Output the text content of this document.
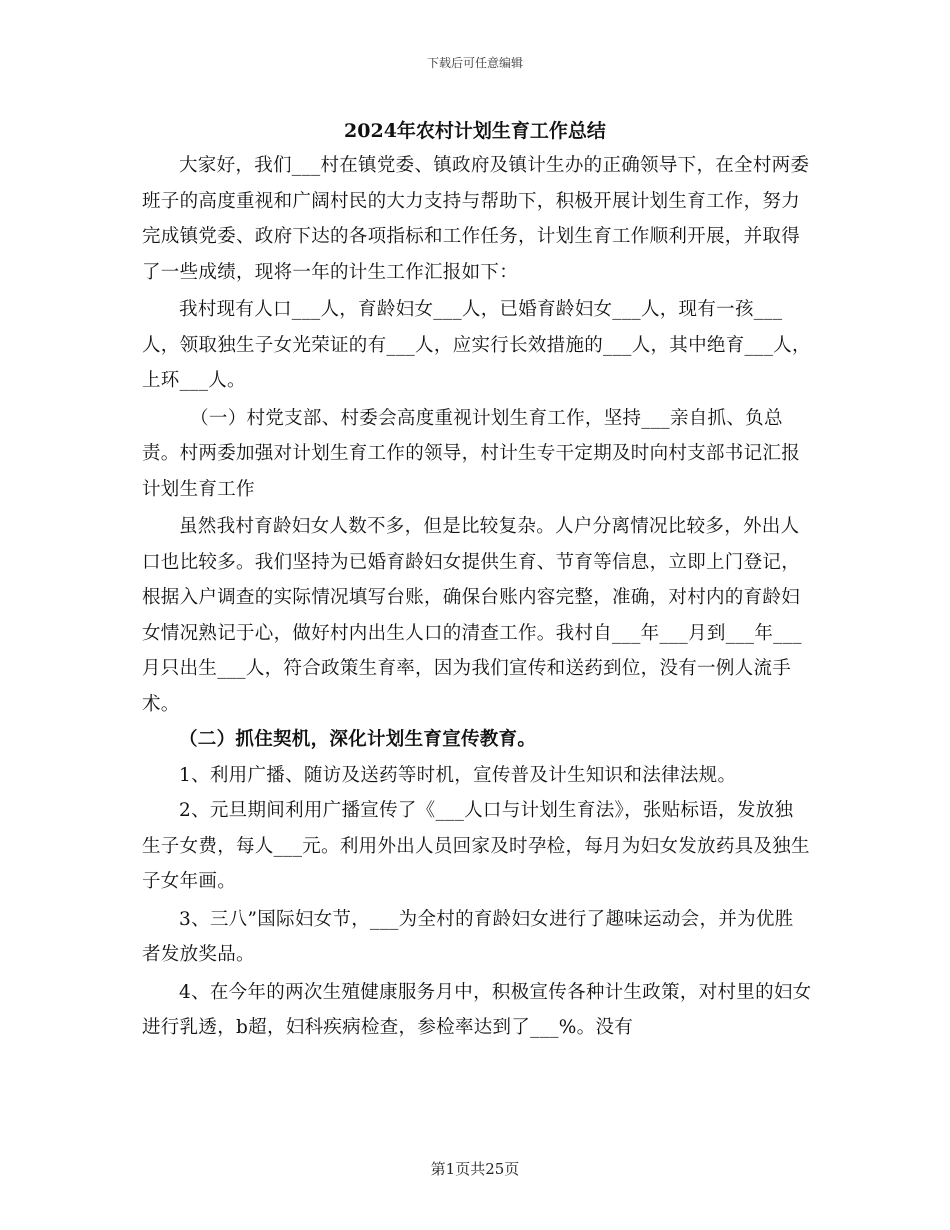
下载后可任意编辑
2024年农村计划生育工作总结

大家好，我们___村在镇党委、镇政府及镇计生办的正确领导下，在全村两委班子的高度重视和广阔村民的大力支持与帮助下，积极开展计划生育工作，努力完成镇党委、政府下达的各项指标和工作任务，计划生育工作顺利开展，并取得了一些成绩，现将一年的计生工作汇报如下：

我村现有人口___人，育龄妇女___人，已婚育龄妇女___人，现有一孩___人，领取独生子女光荣证的有___人，应实行长效措施的___人，其中绝育___人，上环___人。

（一）村党支部、村委会高度重视计划生育工作，坚持___亲自抓、负总责。村两委加强对计划生育工作的领导，村计生专干定期及时向村支部书记汇报计划生育工作

虽然我村育龄妇女人数不多，但是比较复杂。人户分离情况比较多，外出人口也比较多。我们坚持为已婚育龄妇女提供生育、节育等信息，立即上门登记，根据入户调查的实际情况填写台账，确保台账内容完整，准确，对村内的育龄妇女情况熟记于心，做好村内出生人口的清查工作。我村自___年___月到___年___月只出生___人，符合政策生育率，因为我们宣传和送药到位，没有一例人流手术。

（二）抓住契机，深化计划生育宣传教育。

1、利用广播、随访及送药等时机，宣传普及计生知识和法律法规。

2、元旦期间利用广播宣传了《___人口与计划生育法》，张贴标语，发放独生子女费，每人___元。利用外出人员回家及时孕检，每月为妇女发放药具及独生子女年画。

3、三八”国际妇女节，___为全村的育龄妇女进行了趣味运动会，并为优胜者发放奖品。

4、在今年的两次生殖健康服务月中，积极宣传各种计生政策，对村里的妇女进行乳透，b超，妇科疾病检查，参检率达到了___%。没有

第1页共25页
